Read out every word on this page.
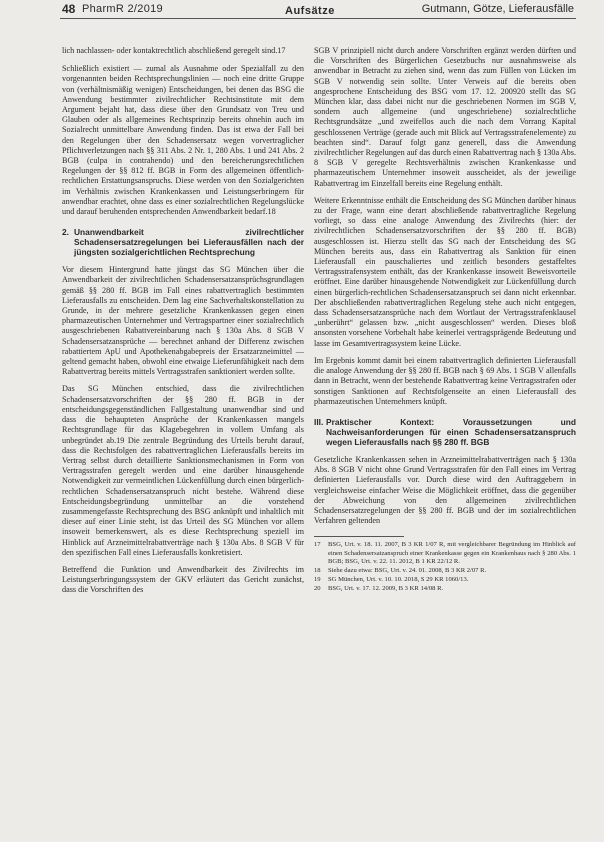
48 PharmR 2/2019	Aufsätze	Gutmann, Götze, Lieferausfälle

lich nachlassen- oder kontaktrechtlich abschließend geregelt sind.17

Schließlich existiert — zumal als Ausnahme oder Spezialfall zu den vorgenannten beiden Rechtsprechungslinien — noch eine dritte Gruppe von (verhältnismäßig wenigen) Entscheidungen, bei denen das BSG die Anwendung bestimmter zivilrechtlicher Rechtsinstitute mit dem Argument bejaht hat, dass diese über den Grundsatz von Treu und Glauben oder als allgemeines Rechtsprinzip bereits ohnehin auch im Sozialrecht unmittelbare Anwendung finden. Das ist etwa der Fall bei den Regelungen über den Schadensersatz wegen vorvertraglicher Pflichtverletzungen nach §§ 311 Abs. 2 Nr. 1, 280 Abs. 1 und 241 Abs. 2 BGB (culpa in contrahendo) und den bereicherungsrechtlichen Regelungen der §§ 812 ff. BGB in Form des allgemeinen öffentlich-rechtlichen Erstattungsanspruchs. Diese werden von den Sozialgerichten im Verhältnis zwischen Krankenkassen und Leistungserbringern für anwendbar erachtet, ohne dass es einer sozialrechtlichen Regelungslücke und darauf beruhenden entsprechenden Anwendbarkeit bedarf.18

2. Unanwendbarkeit zivilrechtlicher Schadensersatzregelungen bei Lieferausfällen nach der jüngsten sozialgerichtlichen Rechtsprechung

Vor diesem Hintergrund hatte jüngst das SG München über die Anwendbarkeit der zivilrechtlichen Schadensersatzansprüchsgrundlagen gemäß §§ 280 ff. BGB im Fall eines rabattvertraglich bestimmten Lieferausfalls zu entscheiden. Dem lag eine Sachverhaltskonstellation zu Grunde, in der mehrere gesetzliche Krankenkassen gegen einen pharmazeutischen Unternehmer und Vertragspartner einer sozialrechtlich ausgeschriebenen Rabattvereinbarung nach § 130a Abs. 8 SGB V Schadensersatzansprüche — berechnet anhand der Differenz zwischen rabattiertem ApU und Apothekenabgabepreis der Ersatzarzneimittel — geltend gemacht haben, obwohl eine etwaige Lieferunfähigkeit nach dem Rabattvertrag bereits mittels Vertragsstrafen sanktioniert werden sollte.

Das SG München entschied, dass die zivilrechtlichen Schadensersatzvorschriften der §§ 280 ff. BGB in der entscheidungsgegenständlichen Fallgestaltung unanwendbar sind und dass die behaupteten Ansprüche der Krankenkassen mangels Rechtsgrundlage für das Klagebegehren in vollem Umfang als unbegründet ab.19 Die zentrale Begründung des Urteils beruht darauf, dass die Rechtsfolgen des rabattvertraglichen Lieferausfalls bereits im Vertrag selbst durch detaillierte Sanktionsmechanismen in Form von Vertragsstrafen geregelt werden und eine darüber hinausgehende Notwendigkeit zur vermeintlichen Lückenfüllung durch einen bürgerlich-rechtlichen Schadensersatzanspruch nicht bestehe. Während diese Entscheidungsbegründung unmittelbar an die vorstehend zusammengefasste Rechtsprechung des BSG anknüpft und inhaltlich mit dieser auf einer Linie steht, ist das Urteil des SG München vor allem insoweit bemerkenswert, als es diese Rechtsprechung speziell im Hinblick auf Arzneimittelrabattverträge nach § 130a Abs. 8 SGB V für den spezifischen Fall eines Lieferausfalls konkretisiert.

Betreffend die Funktion und Anwendbarkeit des Zivilrechts im Leistungserbringungssystem der GKV erläutert das Gericht zunächst, dass die Vorschriften des

SGB V prinzipiell nicht durch andere Vorschriften ergänzt werden dürften und die Vorschriften des Bürgerlichen Gesetzbuchs nur ausnahmsweise als anwendbar in Betracht zu ziehen sind, wenn das zum Füllen von Lücken im SGB V notwendig sein sollte. Unter Verweis auf die bereits oben angesprochene Entscheidung des BSG vom 17. 12. 200920 stellt das SG München klar, dass dabei nicht nur die geschriebenen Normen im SGB V, sondern auch allgemeine (und ungeschriebene) sozialrechtliche Rechtsgrundsätze „und zweifellos auch die nach dem Vorrang Kapital geschlossenen Verträge (gerade auch mit Blick auf Vertragsstrafenelemente) zu beachten sind“. Darauf folgt ganz generell, dass die Anwendung zivilrechtlicher Regelungen auf das durch einen Rabattvertrag nach § 130a Abs. 8 SGB V geregelte Rechtsverhältnis zwischen Krankenkasse und pharmazeutischem Unternehmer insoweit ausscheidet, als der jeweilige Rabattvertrag im Einzelfall bereits eine Regelung enthält.

Weitere Erkenntnisse enthält die Entscheidung des SG München darüber hinaus zu der Frage, wann eine derart abschließende rabattvertragliche Regelung vorliegt, so dass eine analoge Anwendung des Zivilrechts (hier: der zivilrechtlichen Schadensersatzvorschriften der §§ 280 ff. BGB) ausgeschlossen ist. Hierzu stellt das SG nach der Entscheidung des SG München bereits aus, dass ein Rabattvertrag als Sanktion für einen Lieferausfall ein pauschaliertes und zeitlich besonders gestaffeltes Vertragsstrafensystem enthält, das der Krankenkasse insoweit Beweisvorteile eröffnet. Eine darüber hinausgehende Notwendigkeit zur Lückenfüllung durch einen bürgerlich-rechtlichen Schadensersatzanspruch sei dann nicht erkennbar. Der abschließenden rabattvertraglichen Regelung stehe auch nicht entgegen, dass Schadensersatzansprüche nach dem Wortlaut der Vertragsstrafenklausel „unberührt“ gelassen bzw. „nicht ausgeschlossen“ werden. Dieses bloß ansonsten vorsehene Vorbehalt habe keinerlei vertragsprägende Bedeutung und lasse im Gesamtvertragssystem keine Lücke.

Im Ergebnis kommt damit bei einem rabattvertraglich definierten Lieferausfall die analoge Anwendung der §§ 280 ff. BGB nach § 69 Abs. 1 SGB V allenfalls dann in Betracht, wenn der bestehende Rabattvertrag keine Vertragsstrafen oder sonstigen Sanktionen auf Rechtsfolgenseite an einen Lieferausfall des pharmazeutischen Unternehmers knüpft.

III. Praktischer Kontext: Voraussetzungen und Nachweisanforderungen für einen Schadensersatzanspruch wegen Lieferausfalls nach §§ 280 ff. BGB

Gesetzliche Krankenkassen sehen in Arzneimittelrabattverträgen nach § 130a Abs. 8 SGB V nicht ohne Grund Vertragsstrafen für den Fall eines im Vertrag definierten Lieferausfalls vor. Durch diese wird den Auftraggebern in vergleichsweise einfacher Weise die Möglichkeit eröffnet, dass die gegenüber der Abweichung von den allgemeinen zivilrechtlichen Schadensersatzregelungen der §§ 280 ff. BGB und der im sozialrechtlichen Verfahren geltenden

17	BSG, Urt. v. 18. 11. 2007, B 3 KR 1/07 R, mit vergleichbarer Begründung im Hinblick auf einen Schadensersatzanspruch einer Krankenkasse gegen ein Krankenhaus nach § 280 Abs. 1 BGB; BSG, Urt. v. 22. 11. 2012, B 1 KR 22/12 R.
18	Siehe dazu etwa: BSG, Urt. v. 24. 01. 2008, B 3 KR 2/07 R.
19	SG München, Urt. v. 10. 10. 2018, S 29 KR 1060/13.
20	BSG, Urt. v. 17. 12. 2009, B 3 KR 14/08 R.
